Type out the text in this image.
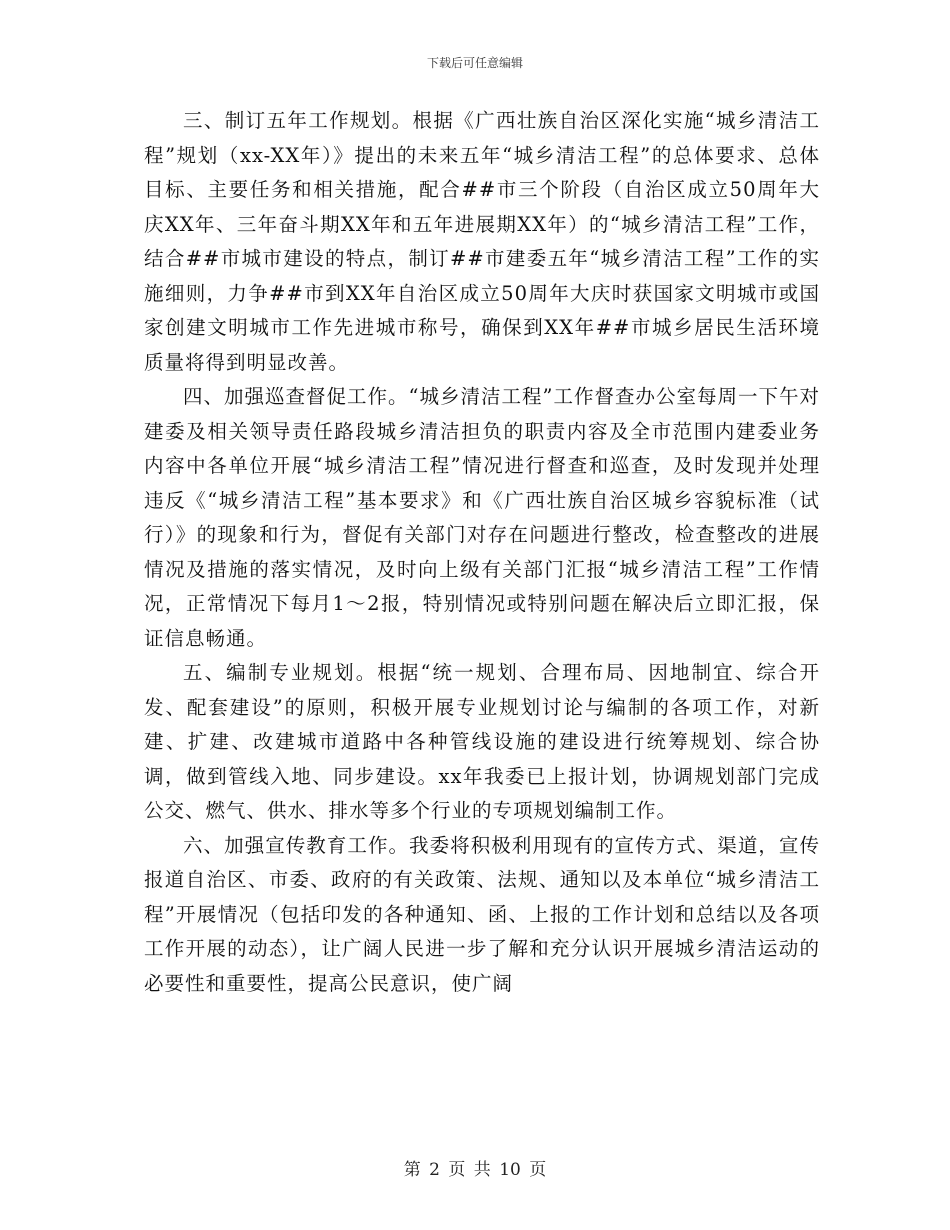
下载后可任意编辑

三、制订五年工作规划。根据《广西壮族自治区深化实施“城乡清洁工程”规划（xx-XX年）》提出的未来五年“城乡清洁工程”的总体要求、总体目标、主要任务和相关措施，配合##市三个阶段（自治区成立50周年大庆XX年、三年奋斗期XX年和五年进展期XX年）的“城乡清洁工程”工作，结合##市城市建设的特点，制订##市建委五年“城乡清洁工程”工作的实施细则，力争##市到XX年自治区成立50周年大庆时获国家文明城市或国家创建文明城市工作先进城市称号，确保到XX年##市城乡居民生活环境质量将得到明显改善。

四、加强巡查督促工作。“城乡清洁工程”工作督查办公室每周一下午对建委及相关领导责任路段城乡清洁担负的职责内容及全市范围内建委业务内容中各单位开展“城乡清洁工程”情况进行督查和巡查，及时发现并处理违反《“城乡清洁工程”基本要求》和《广西壮族自治区城乡容貌标准（试行）》的现象和行为，督促有关部门对存在问题进行整改，检查整改的进展情况及措施的落实情况，及时向上级有关部门汇报“城乡清洁工程”工作情况，正常情况下每月1～2报，特别情况或特别问题在解决后立即汇报，保证信息畅通。

五、编制专业规划。根据“统一规划、合理布局、因地制宜、综合开发、配套建设”的原则，积极开展专业规划讨论与编制的各项工作，对新建、扩建、改建城市道路中各种管线设施的建设进行统筹规划、综合协调，做到管线入地、同步建设。xx年我委已上报计划，协调规划部门完成公交、燃气、供水、排水等多个行业的专项规划编制工作。

六、加强宣传教育工作。我委将积极利用现有的宣传方式、渠道，宣传报道自治区、市委、政府的有关政策、法规、通知以及本单位“城乡清洁工程”开展情况（包括印发的各种通知、函、上报的工作计划和总结以及各项工作开展的动态），让广阔人民进一步了解和充分认识开展城乡清洁运动的必要性和重要性，提高公民意识，使广阔

第 2 页 共 10 页
